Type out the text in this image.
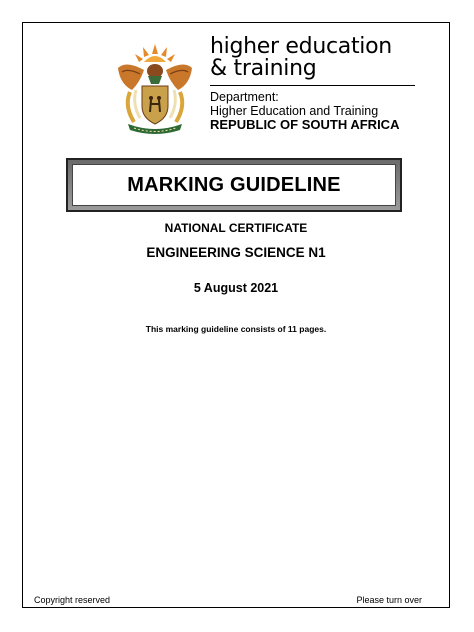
higher education
& training
Department:
Higher Education and Training
REPUBLIC OF SOUTH AFRICA
MARKING GUIDELINE
NATIONAL CERTIFICATE
ENGINEERING SCIENCE N1
5 August 2021
This marking guideline consists of 11 pages.
Copyright reserved	Please turn over
